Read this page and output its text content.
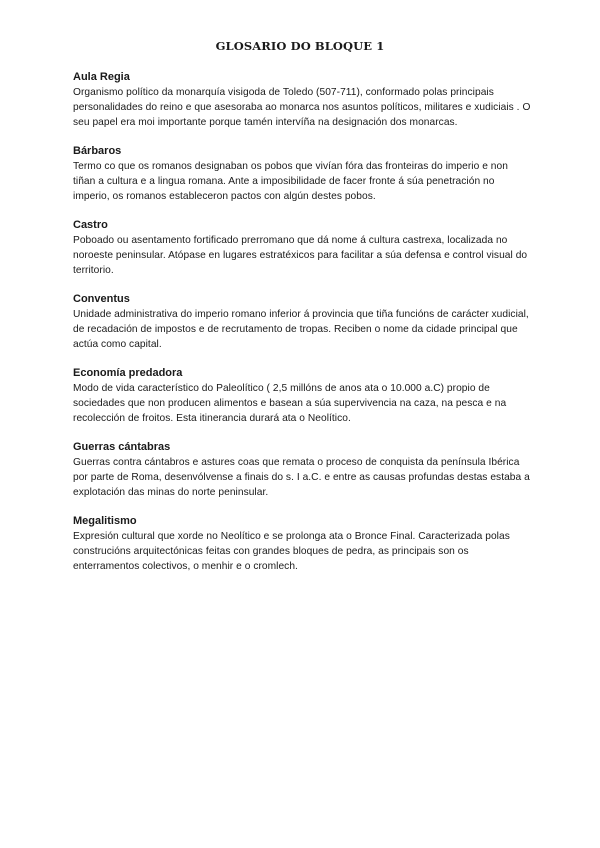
GLOSARIO DO BLOQUE 1

Aula Regia

Organismo político da monarquía visigoda de Toledo (507-711), conformado polas principais personalidades do reino e que asesoraba ao monarca nos asuntos políticos, militares e xudiciais . O seu papel era moi importante porque tamén intervíña na designación dos monarcas.

Bárbaros

Termo co que os romanos designaban os pobos que vivían fóra das fronteiras do imperio e non tiñan a cultura e a lingua romana. Ante a imposibilidade de facer fronte á súa penetración no imperio, os romanos estableceron pactos con algún destes pobos.

Castro

Poboado ou asentamento fortificado prerromano que dá nome á cultura castrexa, localizada no noroeste peninsular. Atópase en lugares estratéxicos para facilitar a súa defensa e control visual do territorio.

Conventus

Unidade administrativa do imperio romano inferior á provincia que tiña funcións de carácter xudicial, de recadación de impostos e de recrutamento de tropas. Reciben o nome da cidade principal que actúa como capital.

Economía predadora

Modo de vida característico do Paleolítico ( 2,5 millóns de anos ata o 10.000 a.C) propio de sociedades que non producen alimentos e basean a súa supervivencia na caza, na pesca e na recolección de froitos. Esta itinerancia durará ata o Neolítico.

Guerras cántabras

Guerras contra cántabros e astures coas que remata o proceso de conquista da península Ibérica por parte de Roma, desenvólvense a finais do s. I a.C. e entre as causas profundas destas estaba a explotación das minas do norte peninsular.

Megalitismo

Expresión cultural que xorde no Neolítico e se prolonga ata o Bronce Final. Caracterizada polas construcións arquitectónicas feitas con grandes bloques de pedra, as principais son os enterramentos colectivos, o menhir e o cromlech.
